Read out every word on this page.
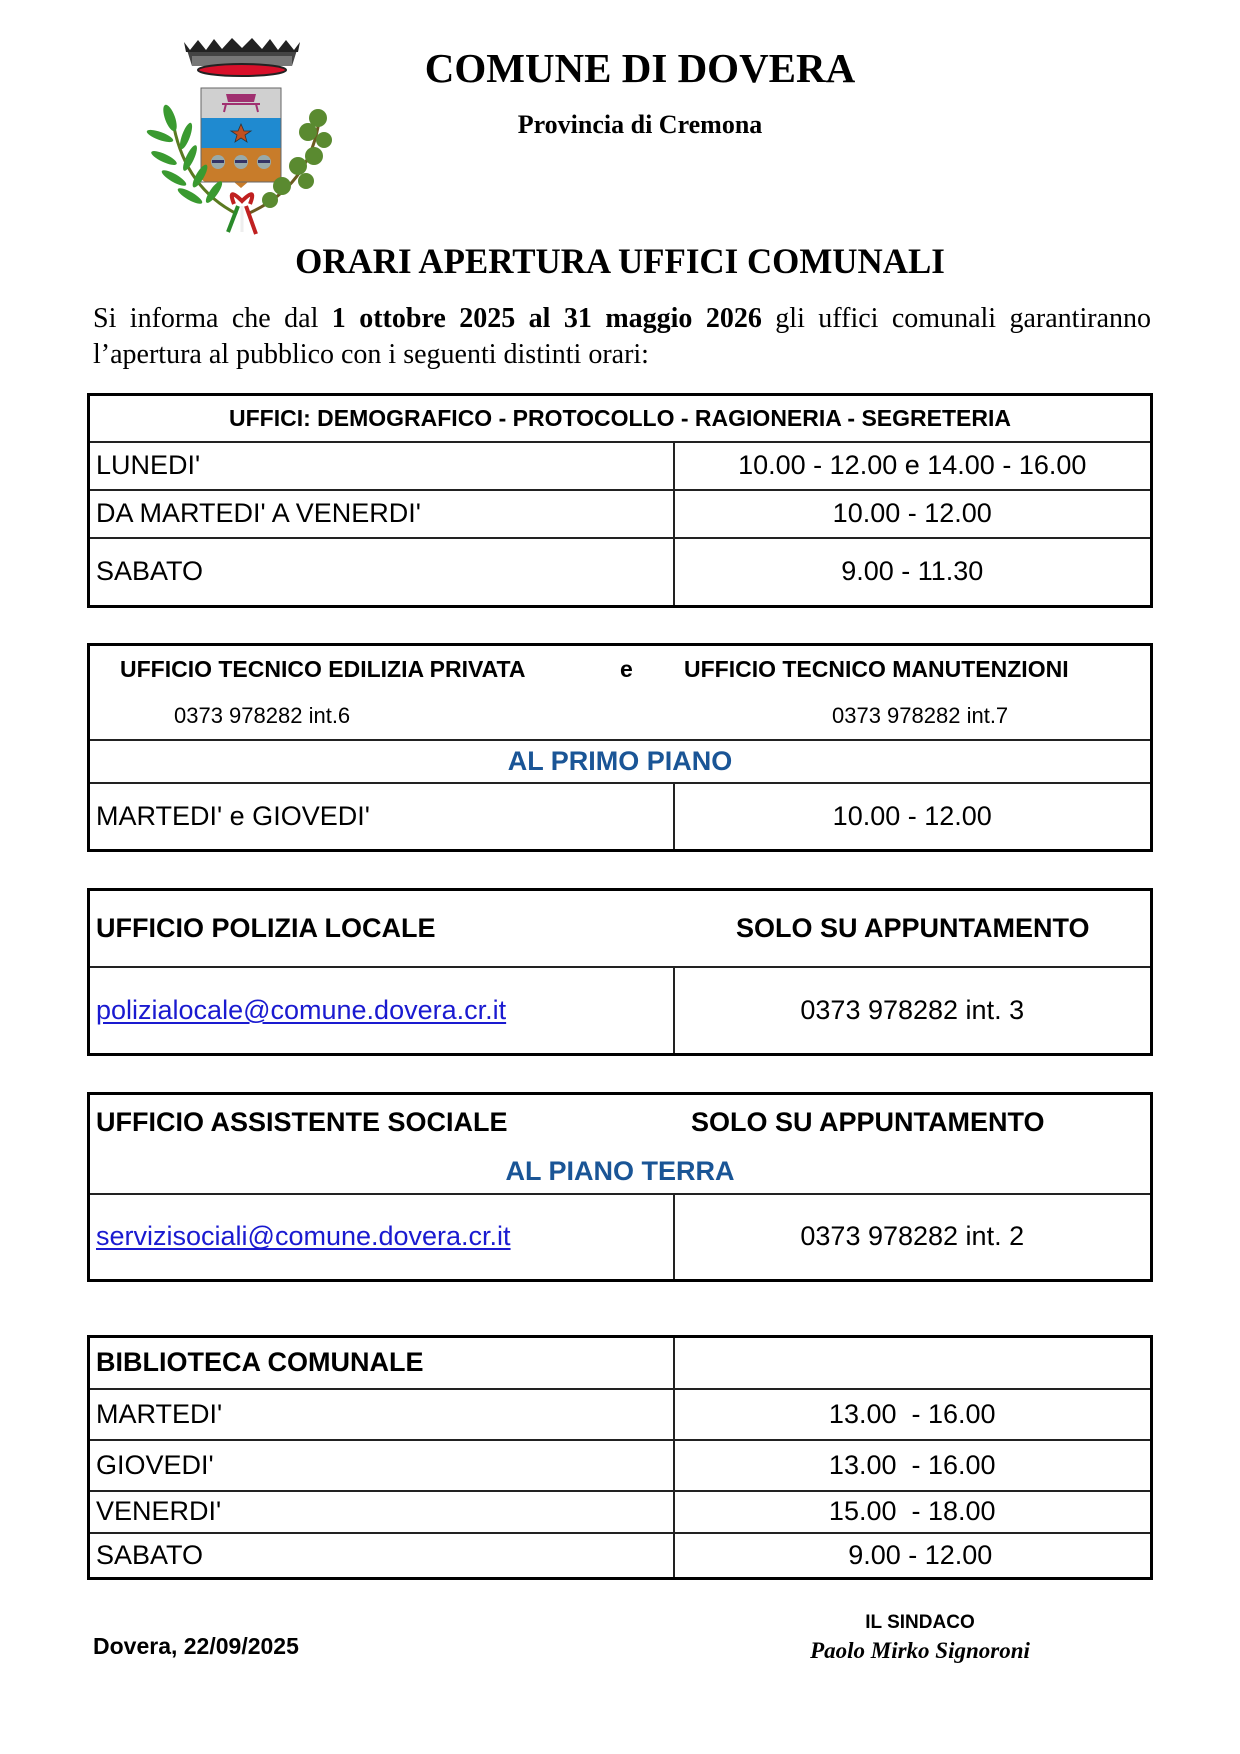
COMUNE DI DOVERA
Provincia di Cremona
ORARI APERTURA UFFICI COMUNALI
Si informa che dal 1 ottobre 2025 al 31 maggio 2026 gli uffici comunali garantiranno l’apertura al pubblico con i seguenti distinti orari:
UFFICI: DEMOGRAFICO - PROTOCOLLO - RAGIONERIA - SEGRETERIA	
LUNEDI'	10.00 - 12.00 e 14.00 - 16.00
DA MARTEDI' A VENERDI'	10.00 - 12.00
SABATO	9.00 - 11.30
UFFICIO TECNICO EDILIZIA PRIVATA	e UFFICIO TECNICO MANUTENZIONI
0373 978282 int.6	0373 978282 int.7
AL PRIMO PIANO
MARTEDI' e GIOVEDI'	10.00 - 12.00
UFFICIO POLIZIA LOCALE	SOLO SU APPUNTAMENTO
polizialocale@comune.dovera.cr.it	0373 978282 int. 3
UFFICIO ASSISTENTE SOCIALE	SOLO SU APPUNTAMENTO
AL PIANO TERRA
servizisociali@comune.dovera.cr.it	0373 978282 int. 2
BIBLIOTECA COMUNALE	
MARTEDI'	13.00  - 16.00
GIOVEDI'	13.00  - 16.00
VENERDI'	15.00  - 18.00
SABATO	9.00 - 12.00
Dovera, 22/09/2025
IL SINDACO
Paolo Mirko Signoroni
